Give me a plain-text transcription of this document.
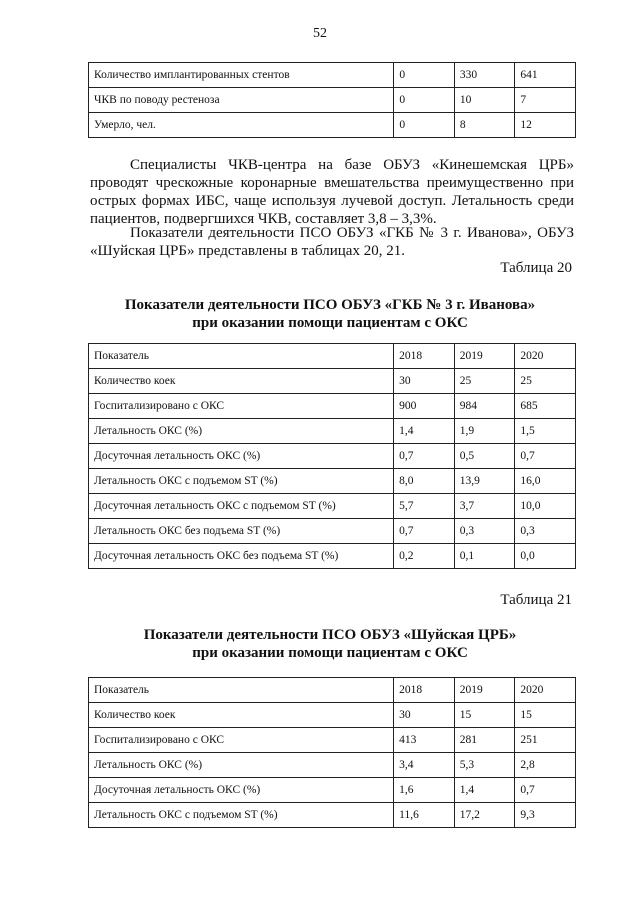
52
Количество имплантированных стентов	0	330	641
ЧКВ по поводу рестеноза	0	10	7
Умерло, чел.	0	8	12
Специалисты ЧКВ-центра на базе ОБУЗ «Кинешемская ЦРБ» проводят чрескожные коронарные вмешательства преимущественно при острых формах ИБС, чаще используя лучевой доступ. Летальность среди пациентов, подвергшихся ЧКВ, составляет 3,8 – 3,3%.
Показатели деятельности ПСО ОБУЗ «ГКБ № 3 г. Иванова», ОБУЗ «Шуйская ЦРБ» представлены в таблицах 20, 21.
Таблица 20
Показатели деятельности ПСО ОБУЗ «ГКБ № 3 г. Иванова»
при оказании помощи пациентам с ОКС
Показатель	2018	2019	2020
Количество коек	30	25	25
Госпитализировано с ОКС	900	984	685
Летальность ОКС (%)	1,4	1,9	1,5
Досуточная летальность ОКС (%)	0,7	0,5	0,7
Летальность ОКС с подъемом ST (%)	8,0	13,9	16,0
Досуточная летальность ОКС с подъемом ST (%)	5,7	3,7	10,0
Летальность ОКС без подъема ST (%)	0,7	0,3	0,3
Досуточная летальность ОКС без подъема ST (%)	0,2	0,1	0,0
Таблица 21
Показатели деятельности ПСО ОБУЗ «Шуйская ЦРБ»
при оказании помощи пациентам с ОКС
Показатель	2018	2019	2020
Количество коек	30	15	15
Госпитализировано с ОКС	413	281	251
Летальность ОКС (%)	3,4	5,3	2,8
Досуточная летальность ОКС (%)	1,6	1,4	0,7
Летальность ОКС с подъемом ST (%)	11,6	17,2	9,3
